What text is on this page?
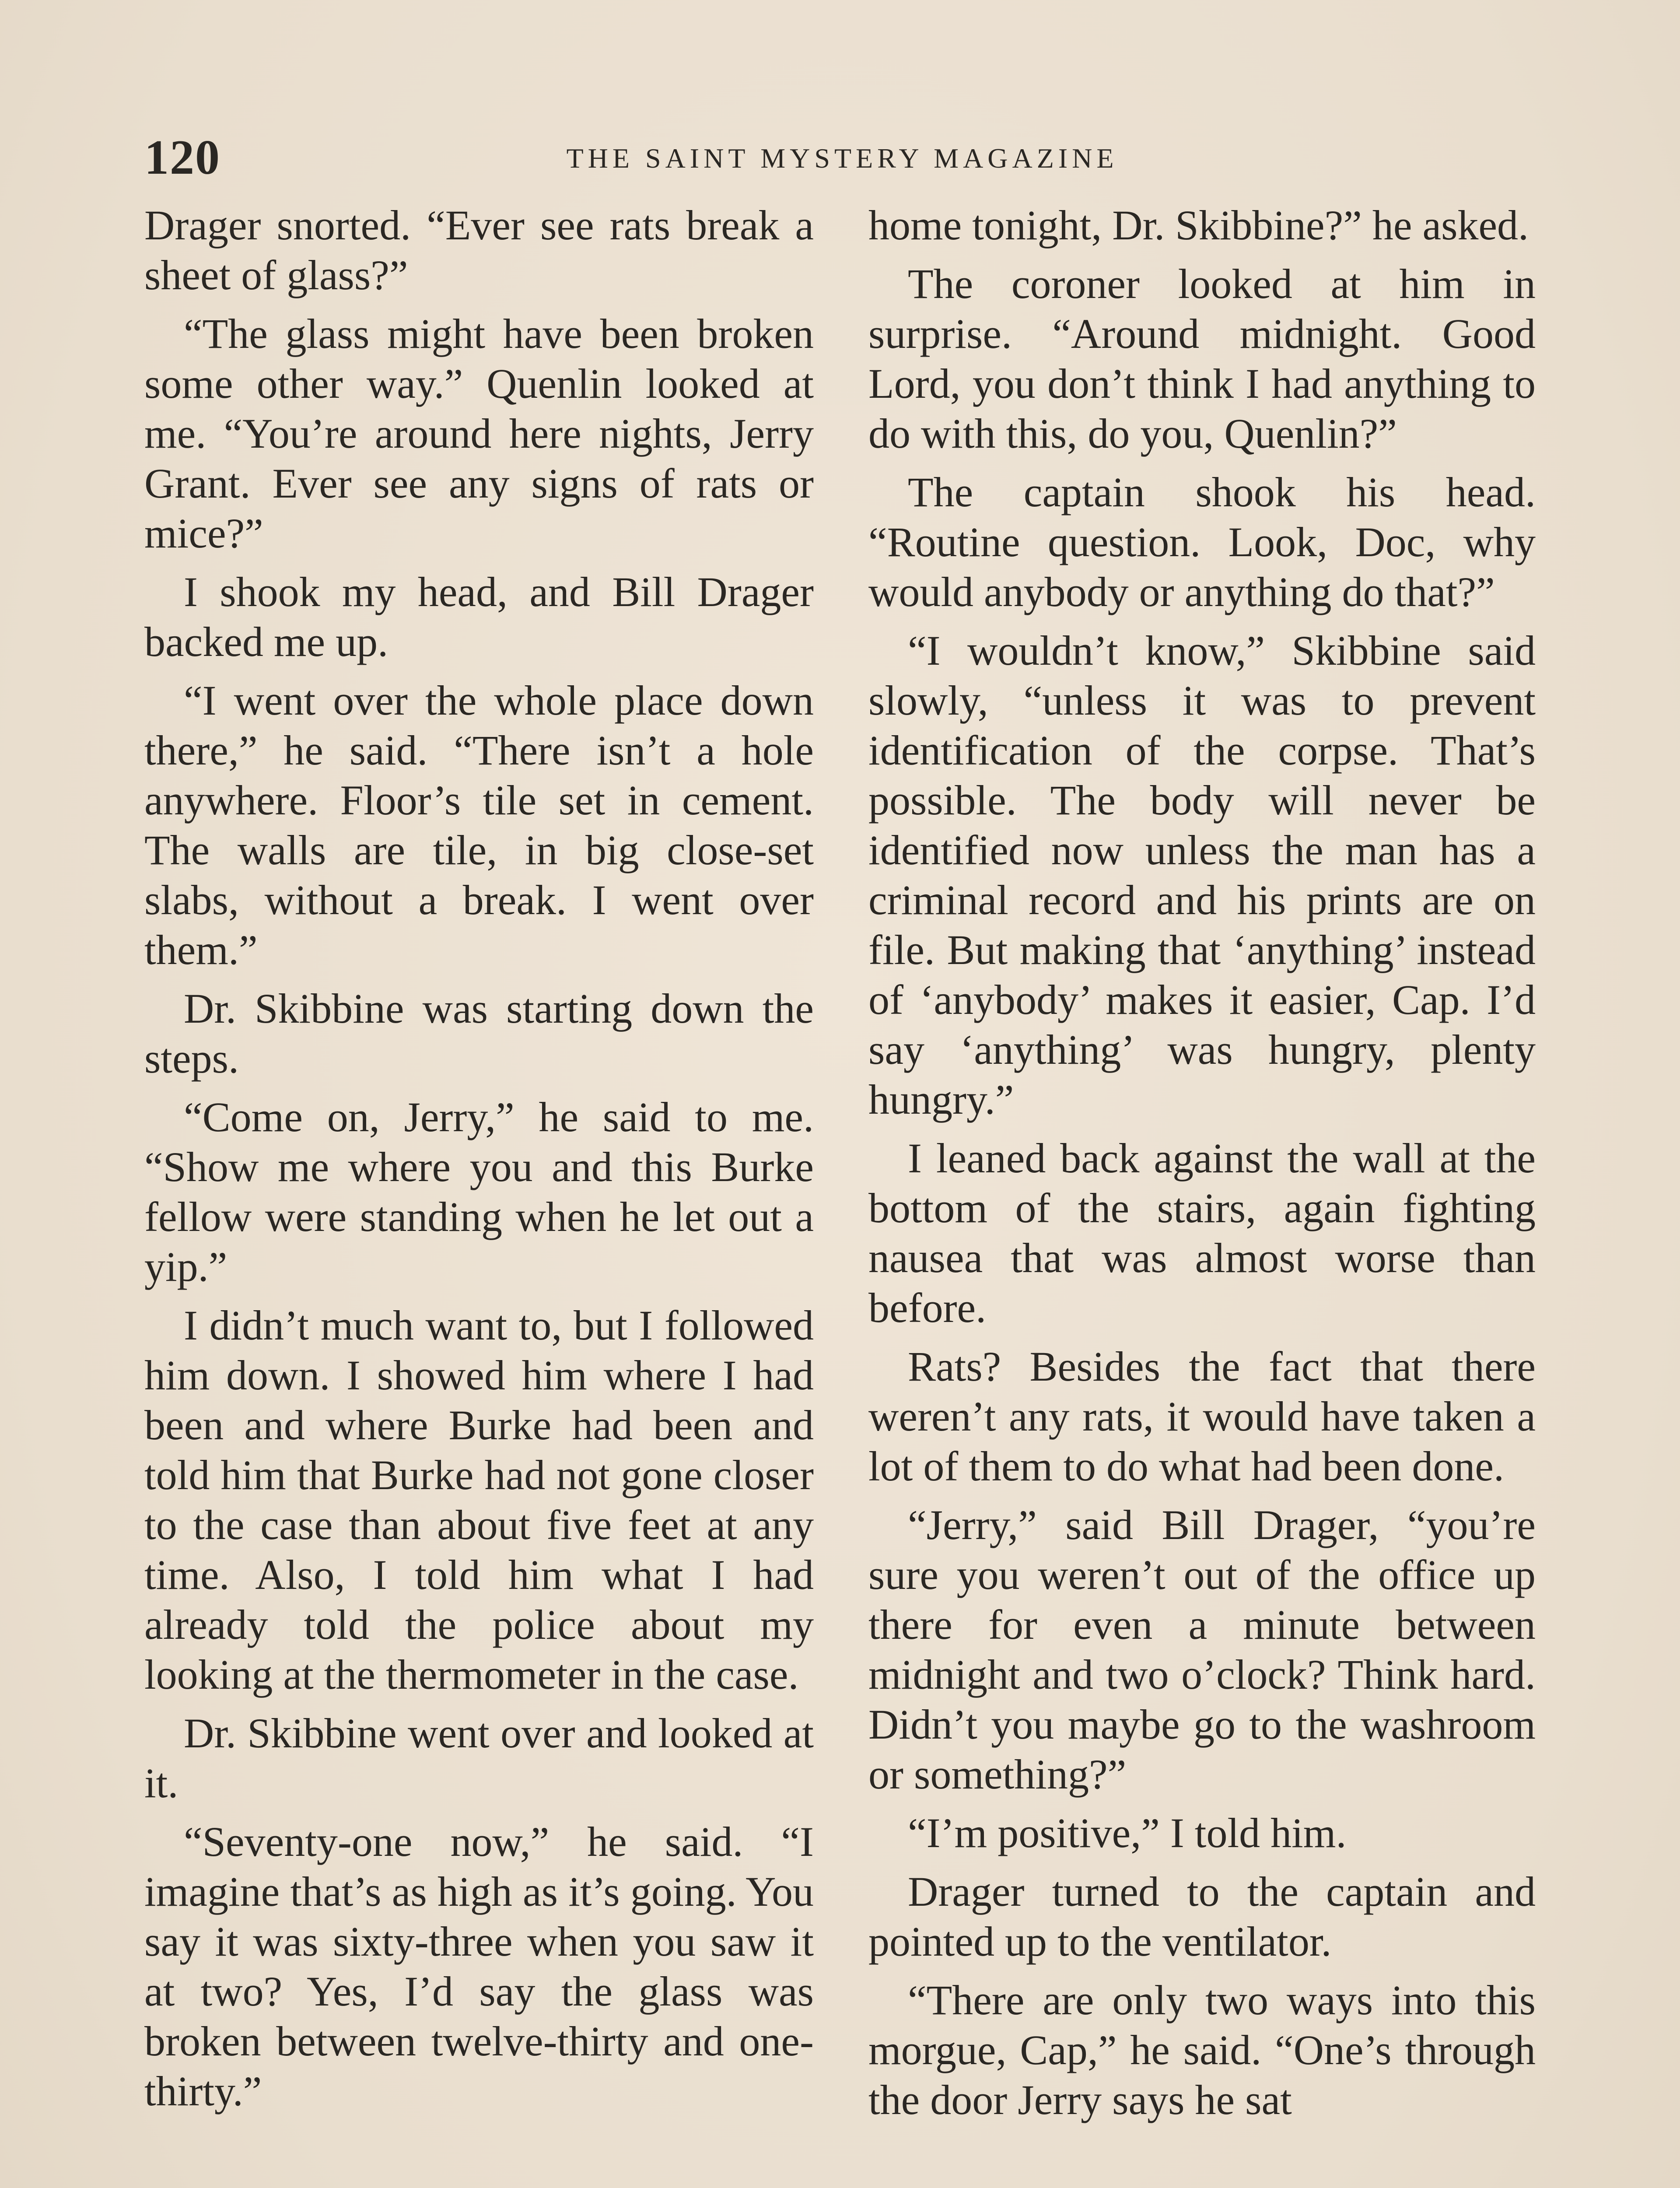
120	THE SAINT MYSTERY MAGAZINE

Drager snorted. “Ever see rats break a sheet of glass?”

“The glass might have been broken some other way.” Quenlin looked at me. “You’re around here nights, Jerry Grant. Ever see any signs of rats or mice?”

I shook my head, and Bill Drager backed me up.

“I went over the whole place down there,” he said. “There isn’t a hole anywhere. Floor’s tile set in cement. The walls are tile, in big close-set slabs, without a break. I went over them.”

Dr. Skibbine was starting down the steps.

“Come on, Jerry,” he said to me. “Show me where you and this Burke fellow were standing when he let out a yip.”

I didn’t much want to, but I followed him down. I showed him where I had been and where Burke had been and told him that Burke had not gone closer to the case than about five feet at any time. Also, I told him what I had already told the police about my looking at the thermometer in the case.

Dr. Skibbine went over and looked at it.

“Seventy-one now,” he said. “I imagine that’s as high as it’s going. You say it was sixty-three when you saw it at two? Yes, I’d say the glass was broken between twelve-thirty and one-thirty.”

home tonight, Dr. Skibbine?” he asked.

The coroner looked at him in surprise. “Around midnight. Good Lord, you don’t think I had anything to do with this, do you, Quenlin?”

The captain shook his head. “Routine question. Look, Doc, why would anybody or anything do that?”

“I wouldn’t know,” Skibbine said slowly, “unless it was to prevent identification of the corpse. That’s possible. The body will never be identified now unless the man has a criminal record and his prints are on file. But making that ‘anything’ instead of ‘anybody’ makes it easier, Cap. I’d say ‘anything’ was hungry, plenty hungry.”

I leaned back against the wall at the bottom of the stairs, again fighting nausea that was almost worse than before.

Rats? Besides the fact that there weren’t any rats, it would have taken a lot of them to do what had been done.

“Jerry,” said Bill Drager, “you’re sure you weren’t out of the office up there for even a minute between midnight and two o’clock? Think hard. Didn’t you maybe go to the washroom or something?”

“I’m positive,” I told him.

Drager turned to the captain and pointed up to the ventilator.

“There are only two ways into this morgue, Cap,” he said. “One’s through the door Jerry says he sat
